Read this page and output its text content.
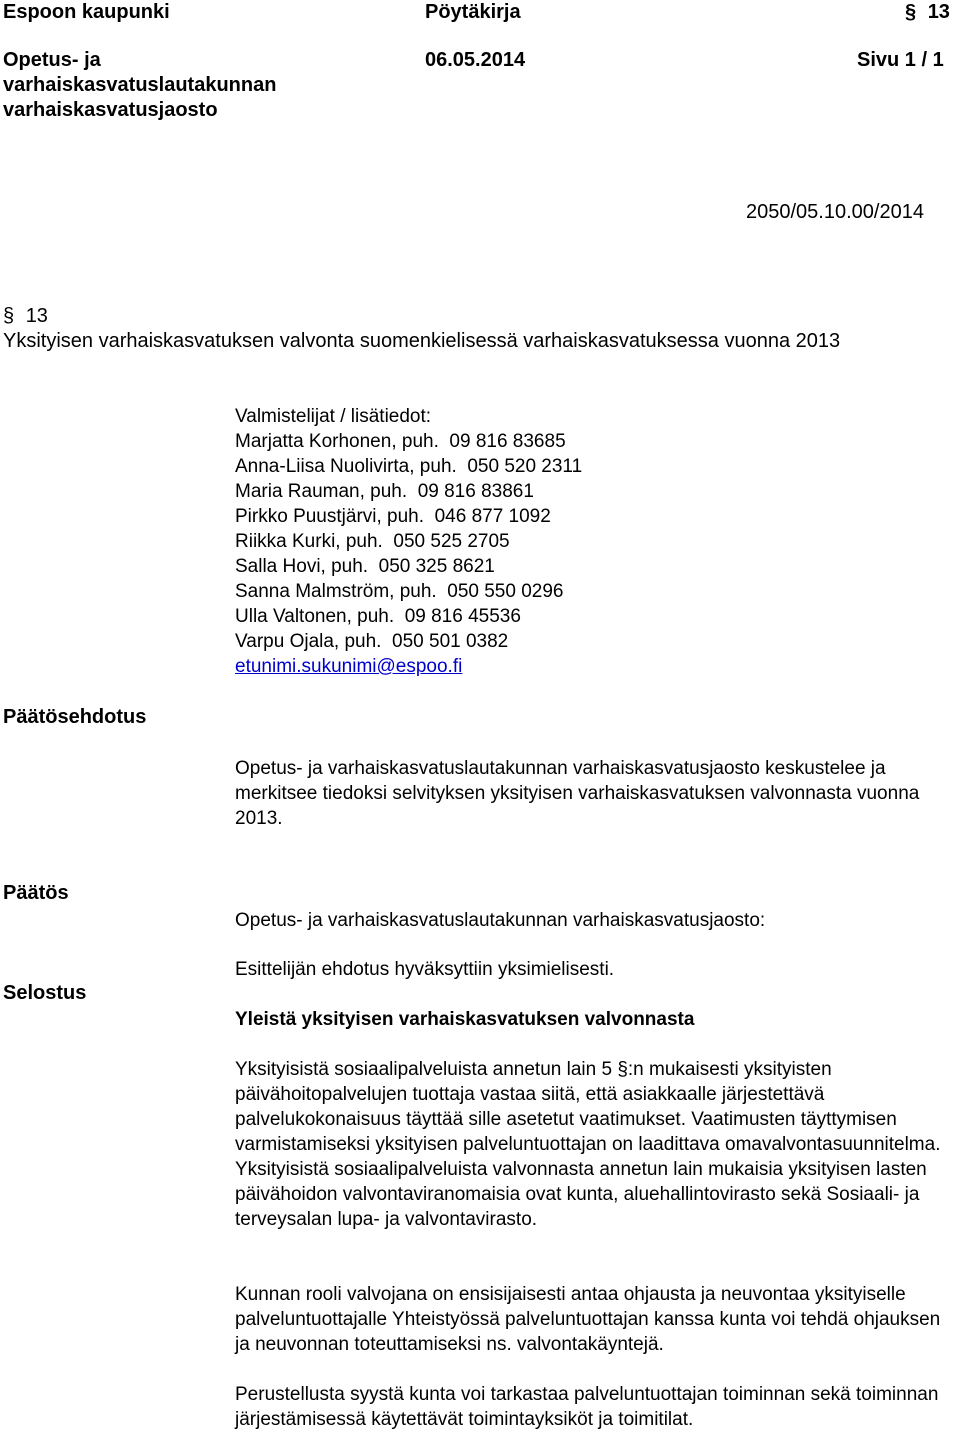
Espoon kaupunki	Pöytäkirja	§ 13
Opetus- ja
varhaiskasvatuslautakunnan
varhaiskasvatusjaosto
06.05.2014	Sivu 1 / 1
2050/05.10.00/2014
§ 13
Yksityisen varhaiskasvatuksen valvonta suomenkielisessä varhaiskasvatuksessa vuonna 2013
Valmistelijat / lisätiedot:
Marjatta Korhonen, puh.  09 816 83685
Anna-Liisa Nuolivirta, puh.  050 520 2311
Maria Rauman, puh.  09 816 83861
Pirkko Puustjärvi, puh.  046 877 1092
Riikka Kurki, puh.  050 525 2705
Salla Hovi, puh.  050 325 8621
Sanna Malmström, puh.  050 550 0296
Ulla Valtonen, puh.  09 816 45536
Varpu Ojala, puh.  050 501 0382
etunimi.sukunimi@espoo.fi
Päätösehdotus
Opetus- ja varhaiskasvatuslautakunnan varhaiskasvatusjaosto keskustelee ja merkitsee tiedoksi selvityksen yksityisen varhaiskasvatuksen valvonnasta vuonna 2013.
Päätös
Opetus- ja varhaiskasvatuslautakunnan varhaiskasvatusjaosto:
Esittelijän ehdotus hyväksyttiin yksimielisesti.
Selostus
Yleistä yksityisen varhaiskasvatuksen valvonnasta
Yksityisistä sosiaalipalveluista annetun lain 5 §:n mukaisesti yksityisten päivähoitopalvelujen tuottaja vastaa siitä, että asiakkaalle järjestettävä palvelukokonaisuus täyttää sille asetetut vaatimukset. Vaatimusten täyttymisen varmistamiseksi yksityisen palveluntuottajan on laadittava omavalvontasuunnitelma. Yksityisistä sosiaalipalveluista valvonnasta annetun lain mukaisia yksityisen lasten päivähoidon valvontaviranomaisia ovat kunta, aluehallintovirasto sekä Sosiaali- ja terveysalan lupa- ja valvontavirasto.
Kunnan rooli valvojana on ensisijaisesti antaa ohjausta ja neuvontaa yksityiselle palveluntuottajalle Yhteistyössä palveluntuottajan kanssa kunta voi tehdä ohjauksen ja neuvonnan toteuttamiseksi ns. valvontakäyntejä.
Perustellusta syystä kunta voi tarkastaa palveluntuottajan toiminnan sekä toiminnan järjestämisessä käytettävät toimintayksiköt ja toimitilat.
